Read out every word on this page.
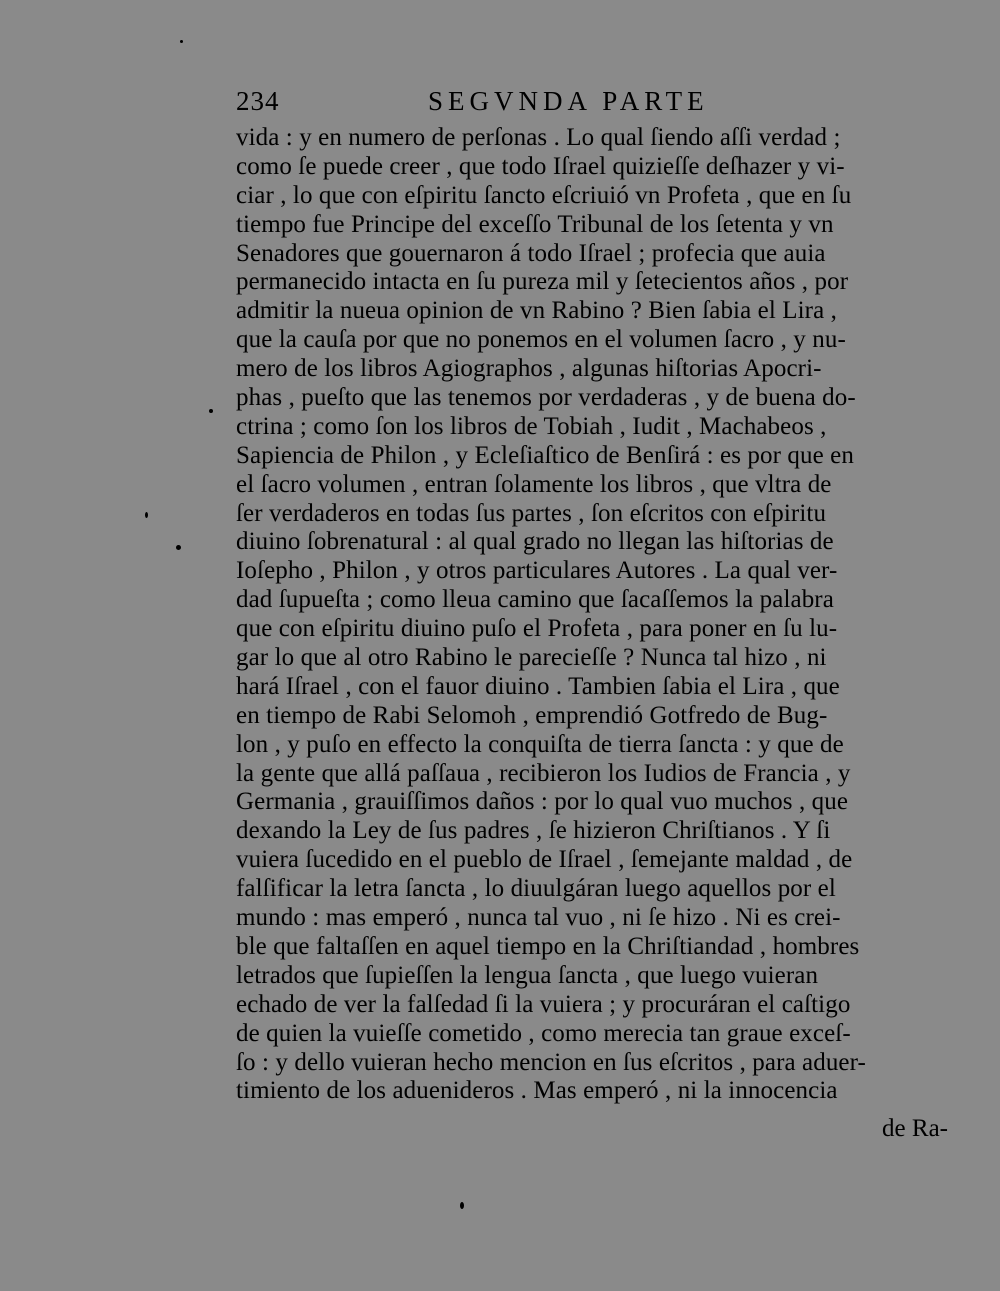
234	SEGVNDA PARTE
vida : y en numero de perſonas . Lo qual ſiendo aſſi verdad ;
como ſe puede creer , que todo Iſrael quizieſſe deſhazer y vi-
ciar , lo que con eſpiritu ſancto eſcriuió vn Profeta , que en ſu
tiempo fue Principe del exceſſo Tribunal de los ſetenta y vn
Senadores que gouernaron á todo Iſrael ; profecia que auia
permanecido intacta en ſu pureza mil y ſetecientos años , por
admitir la nueua opinion de vn Rabino ? Bien ſabia el Lira ,
que la cauſa por que no ponemos en el volumen ſacro , y nu-
mero de los libros Agiographos , algunas hiſtorias Apocri-
phas , pueſto que las tenemos por verdaderas , y de buena do-
ctrina ; como ſon los libros de Tobiah , Iudit , Machabeos ,
Sapiencia de Philon , y Ecleſiaſtico de Benſirá : es por que en
el ſacro volumen , entran ſolamente los libros , que vltra de
ſer verdaderos en todas ſus partes , ſon eſcritos con eſpiritu
diuino ſobrenatural : al qual grado no llegan las hiſtorias de
Ioſepho , Philon , y otros particulares Autores . La qual ver-
dad ſupueſta ; como lleua camino que ſacaſſemos la palabra
que con eſpiritu diuino puſo el Profeta , para poner en ſu lu-
gar lo que al otro Rabino le pareciеſſe ? Nunca tal hizo , ni
hará Iſrael , con el fauor diuino . Tambien ſabia el Lira , que
en tiempo de Rabi Selomoh , emprendió Gotfredo de Bug-
lon , y puſo en effecto la conquiſta de tierra ſancta : y que de
la gente que allá paſſaua , recibieron los Iudios de Francia , y
Germania , grauiſſimos daños : por lo qual vuo muchos , que
dexando la Ley de ſus padres , ſe hizieron Chriſtianos . Y ſi
vuiera ſucedido en el pueblo de Iſrael , ſemejante maldad , de
falſificar la letra ſancta , lo diuulgáran luego aquellos por el
mundo : mas emperó , nunca tal vuo , ni ſe hizo . Ni es crei-
ble que faltaſſen en aquel tiempo en la Chriſtiandad , hombres
letrados que ſupieſſen la lengua ſancta , que luego vuieran
echado de ver la falſedad ſi la vuiera ; y procuráran el caſtigo
de quien la vuieſſe cometido , como merecia tan graue exceſ-
ſo : y dello vuieran hecho mencion en ſus eſcritos , para aduer-
timiento de los aduenideros . Mas emperó , ni la innocencia
de Ra-
